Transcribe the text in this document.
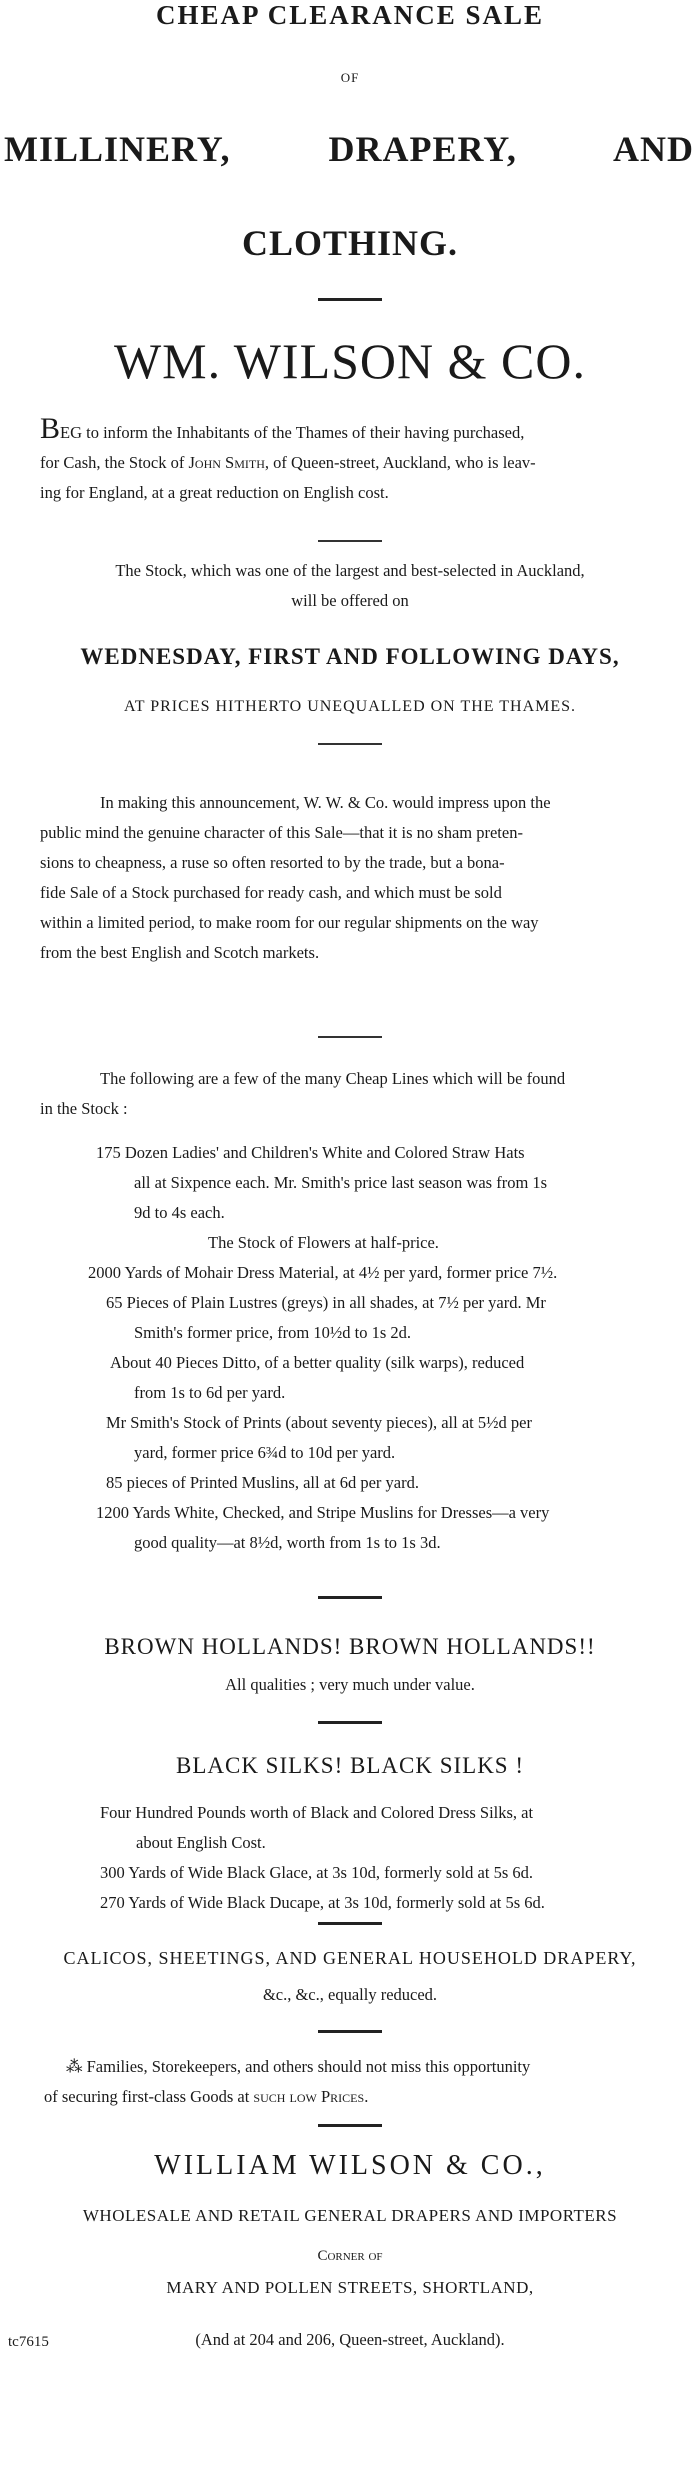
CHEAP CLEARANCE SALE
OF
MILLINERY, DRAPERY, AND
CLOTHING.
WM. WILSON & CO.
BEG to inform the Inhabitants of the Thames of their having purchased,
for Cash, the Stock of John Smith, of Queen-street, Auckland, who is leav-
ing for England, at a great reduction on English cost.
The Stock, which was one of the largest and best-selected in Auckland,
will be offered on
WEDNESDAY, FIRST AND FOLLOWING DAYS,
AT PRICES HITHERTO UNEQUALLED ON THE THAMES.
In making this announcement, W. W. & Co. would impress upon the
public mind the genuine character of this Sale—that it is no sham preten-
sions to cheapness, a ruse so often resorted to by the trade, but a bona-
fide Sale of a Stock purchased for ready cash, and which must be sold
within a limited period, to make room for our regular shipments on the way
from the best English and Scotch markets.
The following are a few of the many Cheap Lines which will be found
in the Stock :
175 Dozen Ladies' and Children's White and Colored Straw Hats
all at Sixpence each. Mr. Smith's price last season was from 1s
9d to 4s each.
The Stock of Flowers at half-price.
2000 Yards of Mohair Dress Material, at 4½ per yard, former price 7½.
65 Pieces of Plain Lustres (greys) in all shades, at 7½ per yard. Mr
Smith's former price, from 10½d to 1s 2d.
About 40 Pieces Ditto, of a better quality (silk warps), reduced
from 1s to 6d per yard.
Mr Smith's Stock of Prints (about seventy pieces), all at 5½d per
yard, former price 6¾d to 10d per yard.
85 pieces of Printed Muslins, all at 6d per yard.
1200 Yards White, Checked, and Stripe Muslins for Dresses—a very
good quality—at 8½d, worth from 1s to 1s 3d.
BROWN HOLLANDS! BROWN HOLLANDS!!
All qualities ; very much under value.
BLACK SILKS! BLACK SILKS !
Four Hundred Pounds worth of Black and Colored Dress Silks, at
about English Cost.
300 Yards of Wide Black Glace, at 3s 10d, formerly sold at 5s 6d.
270 Yards of Wide Black Ducape, at 3s 10d, formerly sold at 5s 6d.
CALICOS, SHEETINGS, AND GENERAL HOUSEHOLD DRAPERY,
&c., &c., equally reduced.
⁂ Families, Storekeepers, and others should not miss this opportunity
of securing first-class Goods at such low Prices.
WILLIAM WILSON & CO.,
WHOLESALE AND RETAIL GENERAL DRAPERS AND IMPORTERS
Corner of
MARY AND POLLEN STREETS, SHORTLAND,
tc7615	(And at 204 and 206, Queen-street, Auckland).
